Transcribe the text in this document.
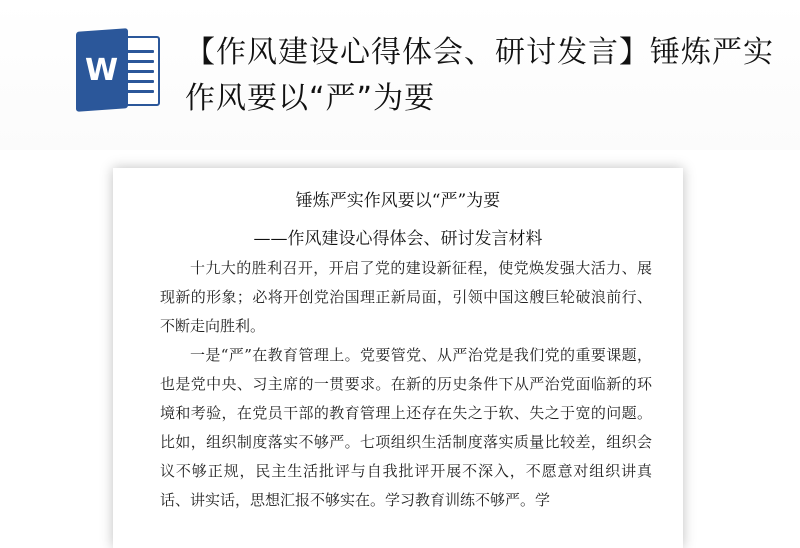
W 【作风建设心得体会、研讨发言】锤炼严实作风要以“严”为要
锤炼严实作风要以“严”为要
——作风建设心得体会、研讨发言材料

十九大的胜利召开，开启了党的建设新征程，使党焕发强大活力、展现新的形象；必将开创党治国理正新局面，引领中国这艘巨轮破浪前行、不断走向胜利。

一是“严”在教育管理上。党要管党、从严治党是我们党的重要课题，也是党中央、习主席的一贯要求。在新的历史条件下从严治党面临新的环境和考验，在党员干部的教育管理上还存在失之于软、失之于宽的问题。比如，组织制度落实不够严。七项组织生活制度落实质量比较差，组织会议不够正规，民主生活批评与自我批评开展不深入，不愿意对组织讲真话、讲实话，思想汇报不够实在。学习教育训练不够严。学
